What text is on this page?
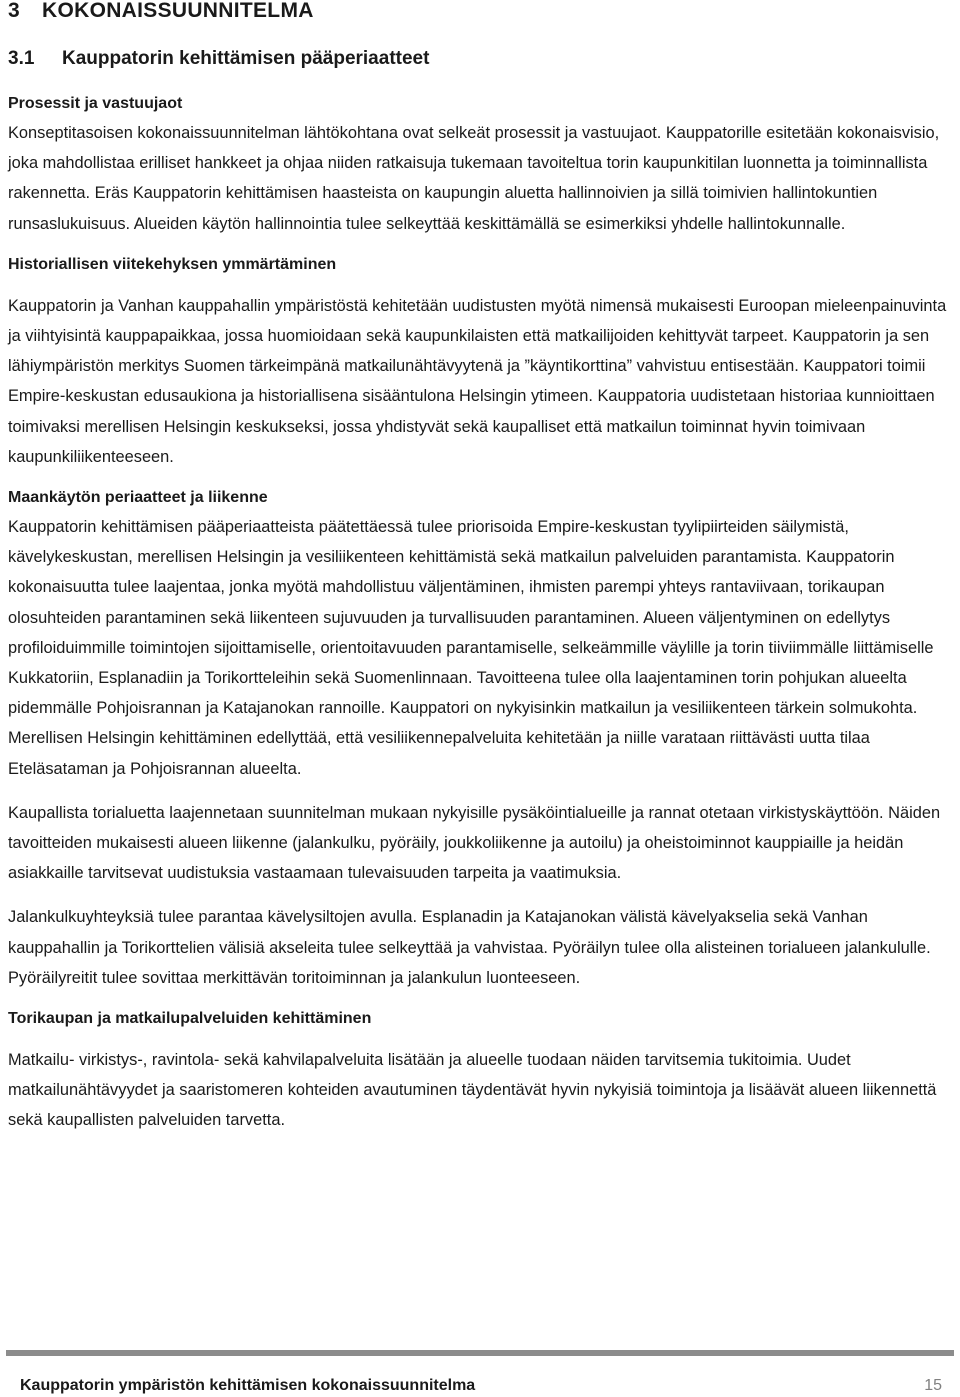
3 KOKONAISSUUNNITELMA
3.1 Kauppatorin kehittämisen pääperiaatteet
Prosessit ja vastuujaot

Konseptitasoisen kokonaissuunnitelman lähtökohtana ovat selkeät prosessit ja vastuujaot. Kauppatorille esitetään kokonaisvisio, joka mahdollistaa erilliset hankkeet ja ohjaa niiden ratkaisuja tukemaan tavoiteltua torin kaupunkitilan luonnetta ja toiminnallista rakennetta. Eräs Kauppatorin kehittämisen haasteista on kaupungin aluetta hallinnoivien ja sillä toimivien hallintokuntien runsaslukuisuus. Alueiden käytön hallinnointia tulee selkeyttää keskittämällä se esimerkiksi yhdelle hallintokunnalle.

Historiallisen viitekehyksen ymmärtäminen

Kauppatorin ja Vanhan kauppahallin ympäristöstä kehitetään uudistusten myötä nimensä mukaisesti Euroopan mieleenpainuvinta ja viihtyisintä kauppapaikkaa, jossa huomioidaan sekä kaupunkilaisten että matkailijoiden kehittyvät tarpeet. Kauppatorin ja sen lähiympäristön merkitys Suomen tärkeimpänä matkailunähtävyytenä ja ”käyntikorttina” vahvistuu entisestään. Kauppatori toimii Empire-keskustan edusaukiona ja historiallisena sisääntulona Helsingin ytimeen. Kauppatoria uudistetaan historiaa kunnioittaen toimivaksi merellisen Helsingin keskukseksi, jossa yhdistyvät sekä kaupalliset että matkailun toiminnat hyvin toimivaan kaupunkiliikenteeseen.

Maankäytön periaatteet ja liikenne

Kauppatorin kehittämisen pääperiaatteista päätettäessä tulee priorisoida Empire-keskustan tyylipiirteiden säilymistä, kävelykeskustan, merellisen Helsingin ja vesiliikenteen kehittämistä sekä matkailun palveluiden parantamista. Kauppatorin kokonaisuutta tulee laajentaa, jonka myötä mahdollistuu väljentäminen, ihmisten parempi yhteys rantaviivaan, torikaupan olosuhteiden parantaminen sekä liikenteen sujuvuuden ja turvallisuuden parantaminen. Alueen väljentyminen on edellytys profiloiduimmille toimintojen sijoittamiselle, orientoitavuuden parantamiselle, selkeämmille väylille ja torin tiiviimmälle liittämiselle Kukkatoriin, Esplanadiin ja Torikortteleihin sekä Suomenlinnaan. Tavoitteena tulee olla laajentaminen torin pohjukan alueelta pidemmälle Pohjoisrannan ja Katajanokan rannoille. Kauppatori on nykyisinkin matkailun ja vesiliikenteen tärkein solmukohta. Merellisen Helsingin kehittäminen edellyttää, että vesiliikennepalveluita kehitetään ja niille varataan riittävästi uutta tilaa Eteläsataman ja Pohjoisrannan alueelta.

Kaupallista torialuetta laajennetaan suunnitelman mukaan nykyisille pysäköintialueille ja rannat otetaan virkistyskäyttöön. Näiden tavoitteiden mukaisesti alueen liikenne (jalankulku, pyöräily, joukkoliikenne ja autoilu) ja oheistoiminnot kauppiaille ja heidän asiakkaille tarvitsevat uudistuksia vastaamaan tulevaisuuden tarpeita ja vaatimuksia.

Jalankulkuyhteyksiä tulee parantaa kävelysiltojen avulla. Esplanadin ja Katajanokan välistä kävelyakselia sekä Vanhan kauppahallin ja Torikorttelien välisiä akseleita tulee selkeyttää ja vahvistaa. Pyöräilyn tulee olla alisteinen torialueen jalankululle. Pyöräilyreitit tulee sovittaa merkittävän toritoiminnan ja jalankulun luonteeseen.

Torikaupan ja matkailupalveluiden kehittäminen

Matkailu- virkistys-, ravintola- sekä kahvilapalveluita lisätään ja alueelle tuodaan näiden tarvitsemia tukitoimia. Uudet matkailunähtävyydet ja saaristomeren kohteiden avautuminen täydentävät hyvin nykyisiä toimintoja ja lisäävät alueen liikennettä sekä kaupallisten palveluiden tarvetta.

Kauppatorin ympäristön kehittämisen kokonaissuunnitelma	15
